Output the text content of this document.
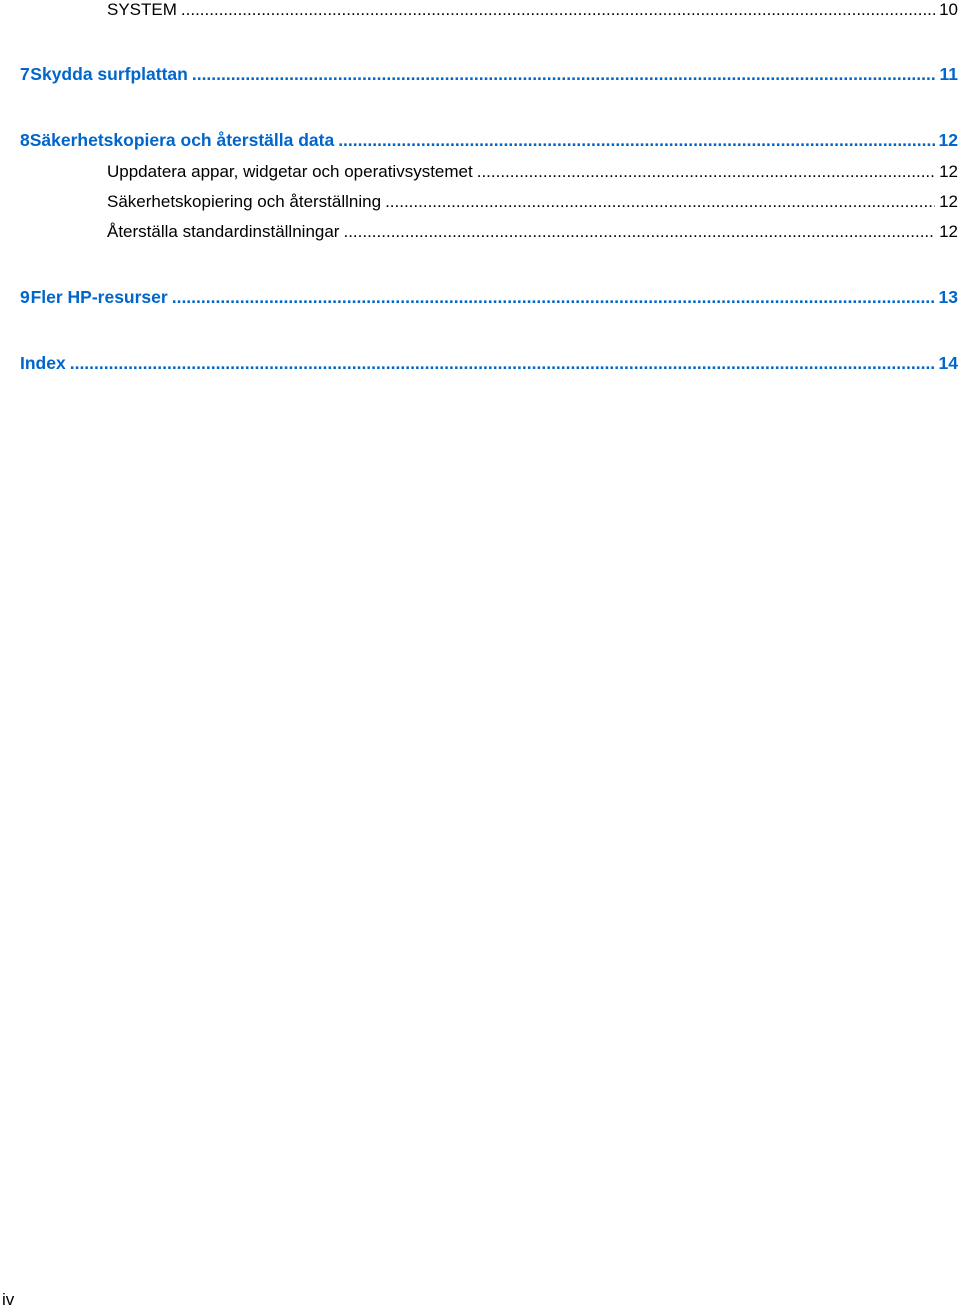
SYSTEM .....	10
7 Skydda surfplattan .....	11
8 Säkerhetskopiera och återställa data .....	12
Uppdatera appar, widgetar och operativsystemet .....	12
Säkerhetskopiering och återställning .....	12
Återställa standardinställningar .....	12
9 Fler HP-resurser .....	13
Index .....	14
iv
